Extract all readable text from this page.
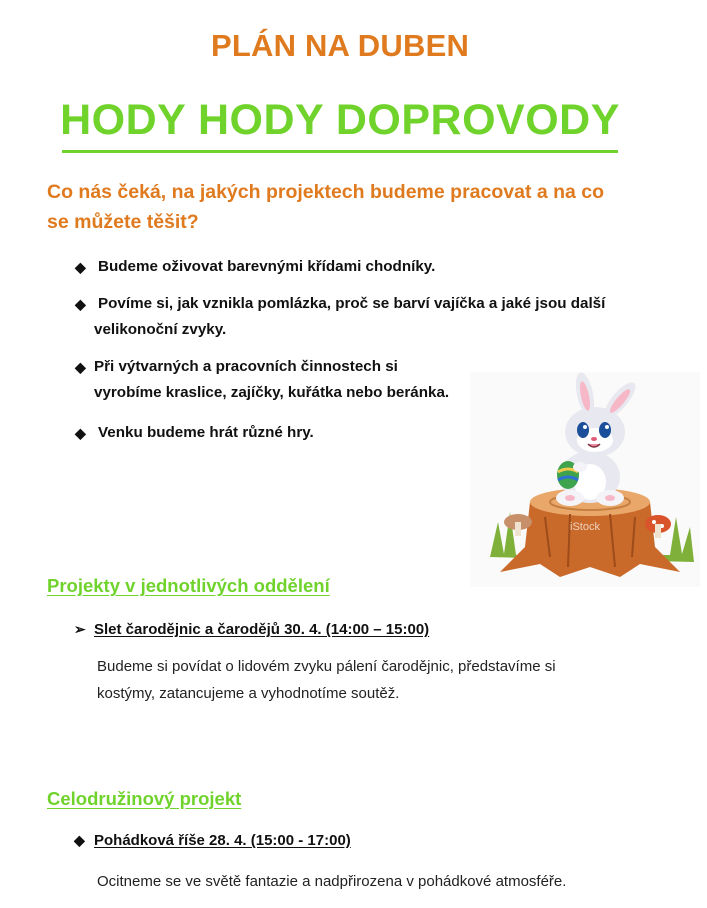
PLÁN NA DUBEN
HODY HODY DOPROVODY
Co nás čeká, na jakých projektech budeme pracovat a na co
se můžete těšit?
◆ Budeme oživovat barevnými křídami chodníky.
◆ Povíme si, jak vznikla pomlázka, proč se barví vajíčka a jaké jsou další
velikonoční zvyky.
◆ Při výtvarných a pracovních činnostech si
vyrobíme kraslice, zajíčky, kuřátka nebo beránka.
◆ Venku budeme hrát různé hry.
iStock
Projekty v jednotlivých oddělení
➢ Slet čarodějnic a čarodějů 30. 4. (14:00 – 15:00)
Budeme si povídat o lidovém zvyku pálení čarodějnic, představíme si
kostýmy, zatancujeme a vyhodnotíme soutěž.
Celodružinový projekt
◆ Pohádková říše 28. 4. (15:00 - 17:00)
Ocitneme se ve světě fantazie a nadpřirozena v pohádkové atmosféře.
